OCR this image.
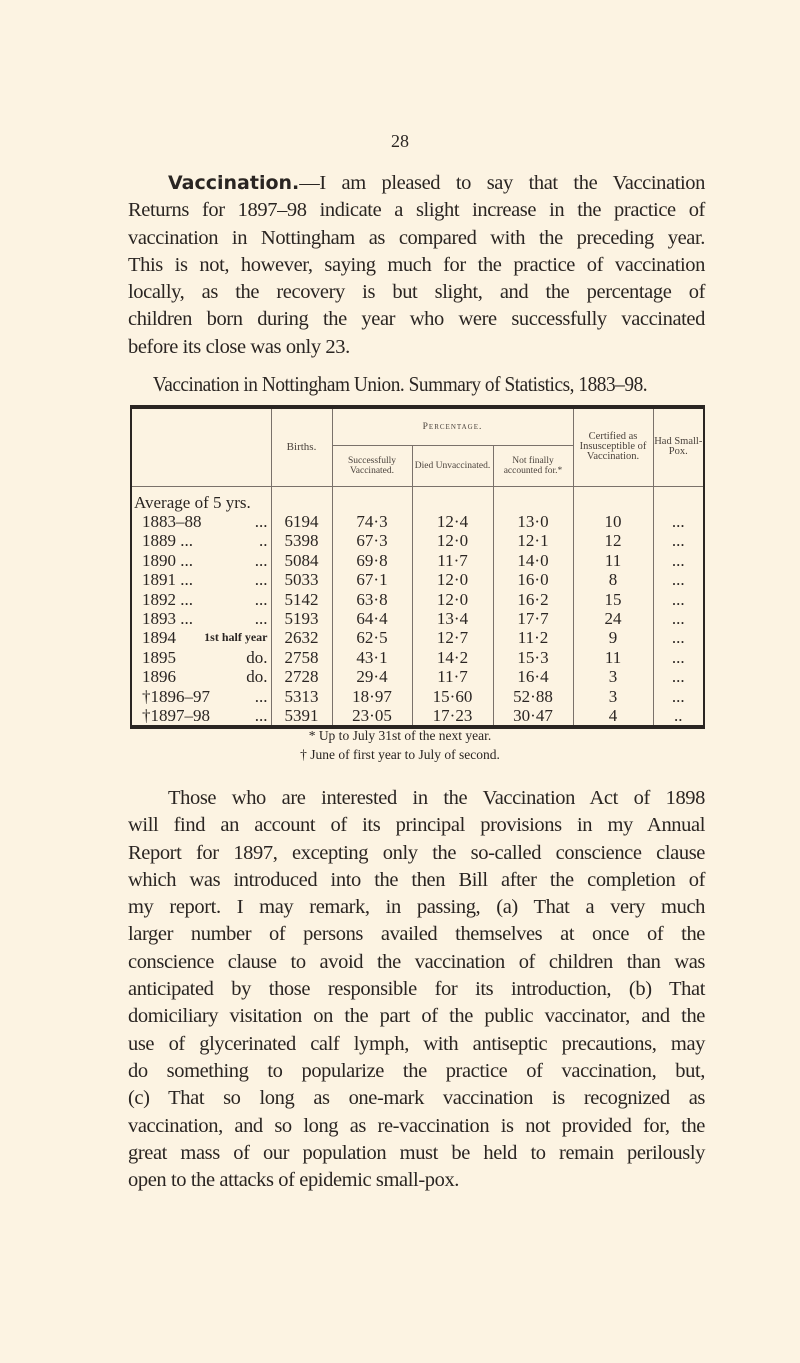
28
Vaccination.—I am pleased to say that the Vaccination
Returns for 1897–98 indicate a slight increase in the practice of
vaccination in Nottingham as compared with the preceding year.
This is not, however, saying much for the practice of vaccination
locally, as the recovery is but slight, and the percentage of
children born during the year who were successfully vaccinated
before its close was only 23.
Vaccination in Nottingham Union. Summary of Statistics, 1883–98.
	Births.	Percentage.			Certified as Insusceptible of Vaccination.	Had Small-Pox.
		Successfully Vaccinated.	Died Unvaccinated.	Not finally accounted for.*		

Average of 5 yrs.						
1883–88 ...	6194	74·3	12·4	13·0	10	...
1889 ... ..	5398	67·3	12·0	12·1	12	...
1890 ... ...	5084	69·8	11·7	14·0	11	...
1891 ... ...	5033	67·1	12·0	16·0	8	...
1892 ... ...	5142	63·8	12·0	16·2	15	...
1893 ... ...	5193	64·4	13·4	17·7	24	...
1894 1st half year	2632	62·5	12·7	11·2	9	...
1895 do.	2758	43·1	14·2	15·3	11	...
1896 do.	2728	29·4	11·7	16·4	3	...
†1896–97 ...	5313	18·97	15·60	52·88	3	...
†1897–98 ...	5391	23·05	17·23	30·47	4	..
* Up to July 31st of the next year.
† June of first year to July of second.
Those who are interested in the Vaccination Act of 1898
will find an account of its principal provisions in my Annual
Report for 1897, excepting only the so-called conscience clause
which was introduced into the then Bill after the completion of
my report. I may remark, in passing, (a) That a very much
larger number of persons availed themselves at once of the
conscience clause to avoid the vaccination of children than was
anticipated by those responsible for its introduction, (b) That
domiciliary visitation on the part of the public vaccinator, and the
use of glycerinated calf lymph, with antiseptic precautions, may
do something to popularize the practice of vaccination, but,
(c) That so long as one-mark vaccination is recognized as
vaccination, and so long as re-vaccination is not provided for, the
great mass of our population must be held to remain perilously
open to the attacks of epidemic small-pox.
